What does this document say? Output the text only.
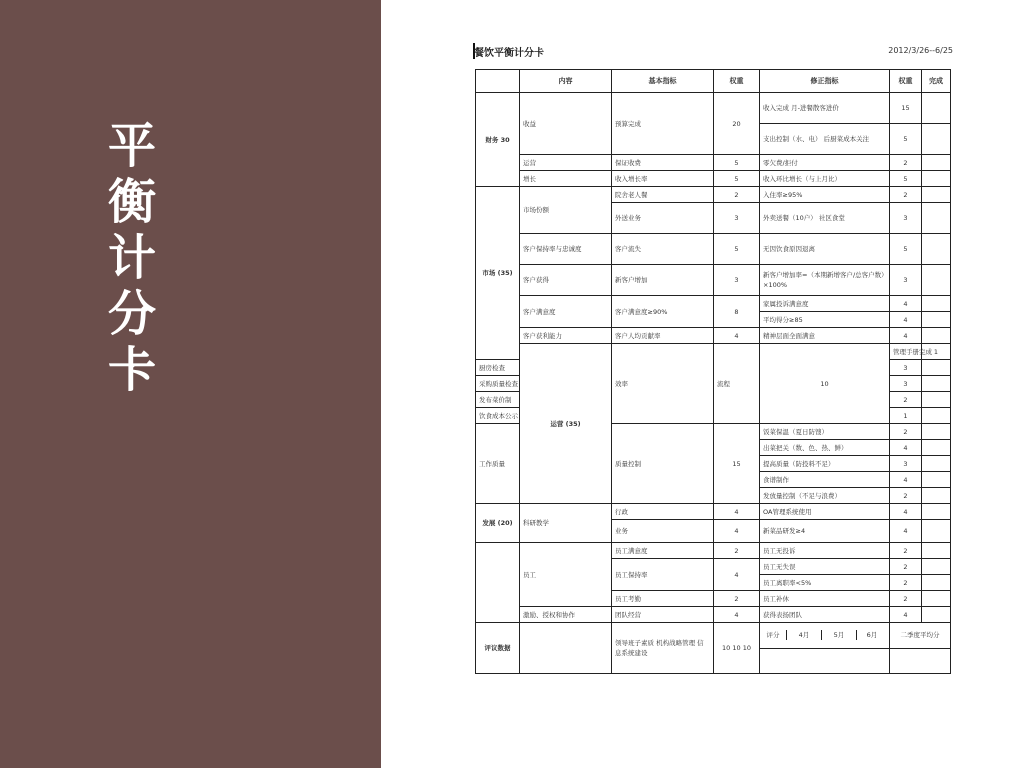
平
衡
计
分
卡
餐饮平衡计分卡	2012/3/26--6/25
	内容	基本指标	权重	修正指标	权重	完成	
财务 30	收益	预算完成	20	收入完成 月-进餐散客进价	15		
				支出控制（水、电） 后厨菜成本关注	5		
	运营	保证收费	5	零欠费/拒付	2		
	增长	收入增长率	5	收入环比增长（与上月比）	5		
市场 (35)	市场份额	院舍老人餐	2	入住率≥95%	2		
		外送业务	3	外卖送餐（10户） 社区食堂	3		
	客户保持率与忠诚度	客户流失	5	无因饮食原因退离	5		
	客户获得	新客户增加	3	新客户增加率=（本期新增客户/总客户数）×100%	3		
	客户满意度	客户满意度≥90%	8	家属投诉满意度	4		
				平均得分≥85	4		
	客户获利能力	客户人均贡献率	4	精神层面全面满意	4		
	运营 (35)	效率	流程	10	管理手册完成	1	
厨房检查					3		
采购质量检查					3		
发布菜价制					2		
饮食成本公示					1		
工作质量		质量控制	15	饭菜保温（夏日防馊）	2		
				出菜把关（数、色、热、鲜）	4		
				提高质量（防投料不足）	3		
				食谱制作	4		
				发放量控制（不足与浪费）	2		
发展 (20)	科研教学	行政	4	OA管理系统使用	4		
		业务	4	新菜品研发≥4	4		
	员工	员工满意度	2	员工无投诉	2		
		员工保持率	4	员工无失误	2		
				员工离职率<5%	2		
		员工考勤	2	员工补休	2		
	激励、授权和协作	团队经营	4	获得表扬团队	4		
评议数据		领导班子素质 机构战略管理 信息系统建设	10 10 10	评分 4月 5月 6月	二季度平均分		
